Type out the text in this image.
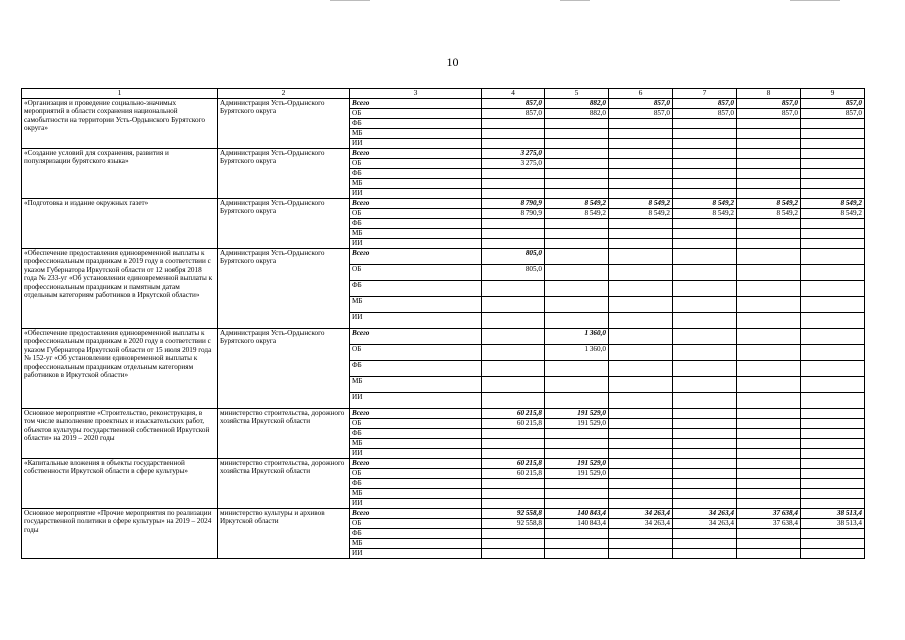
10
1	2	3	4	5	6	7	8	9
«Организация и проведение социально-значимых мероприятий в области сохранения национальной самобытности на территории Усть-Ордынского Бурятского округа»	Администрация Усть-Ордынского Бурятского округа	Всего	857,0	882,0	857,0	857,0	857,0	857,0
		ОБ	857,0	882,0	857,0	857,0	857,0	857,0
		ФБ						
		МБ						
		ИИ						
«Создание условий для сохранения, развития и популяризации бурятского языка»	Администрация Усть-Ордынского Бурятского округа	Всего	3 275,0					
		ОБ	3 275,0					
		ФБ						
		МБ						
		ИИ						
«Подготовка и издание окружных газет»	Администрация Усть-Ордынского Бурятского округа	Всего	8 790,9	8 549,2	8 549,2	8 549,2	8 549,2	8 549,2
		ОБ	8 790,9	8 549,2	8 549,2	8 549,2	8 549,2	8 549,2
		ФБ						
		МБ						
		ИИ						
«Обеспечение предоставления единовременной выплаты к профессиональным праздникам в 2019 году в соответствии с указом Губернатора Иркутской области от 12 ноября 2018 года № 233-уг «Об установлении единовременной выплаты к профессиональным праздникам и памятным датам отдельным категориям работников в Иркутской области»	Администрация Усть-Ордынского Бурятского округа	Всего	805,0					
		ОБ	805,0					
		ФБ						
		МБ						
		ИИ						
«Обеспечение предоставления единовременной выплаты к профессиональным праздникам в 2020 году в соответствии с указом Губернатора Иркутской области от 15 июля 2019 года № 152-уг «Об установлении единовременной выплаты к профессиональным праздникам отдельным категориям работников в Иркутской области»	Администрация Усть-Ордынского Бурятского округа	Всего		1 360,0				
		ОБ		1 360,0				
		ФБ						
		МБ						
		ИИ						
Основное мероприятие «Строительство, реконструкция, в том числе выполнение проектных и изыскательских работ, объектов культуры государственной собственной Иркутской области» на 2019 – 2020 годы	министерство строительства, дорожного хозяйства Иркутской области	Всего	60 215,8	191 529,0				
		ОБ	60 215,8	191 529,0				
		ФБ						
		МБ						
		ИИ						
«Капитальные вложения в объекты государственной собственности Иркутской области в сфере культуры»	министерство строительства, дорожного хозяйства Иркутской области	Всего	60 215,8	191 529,0				
		ОБ	60 215,8	191 529,0				
		ФБ						
		МБ						
		ИИ						
Основное мероприятие «Прочие мероприятия по реализации государственной политики в сфере культуры» на 2019 – 2024 годы	министерство культуры и архивов Иркутской области	Всего	92 558,8	140 843,4	34 263,4	34 263,4	37 638,4	38 513,4
		ОБ	92 558,8	140 843,4	34 263,4	34 263,4	37 638,4	38 513,4
		ФБ						
		МБ						
		ИИ						
